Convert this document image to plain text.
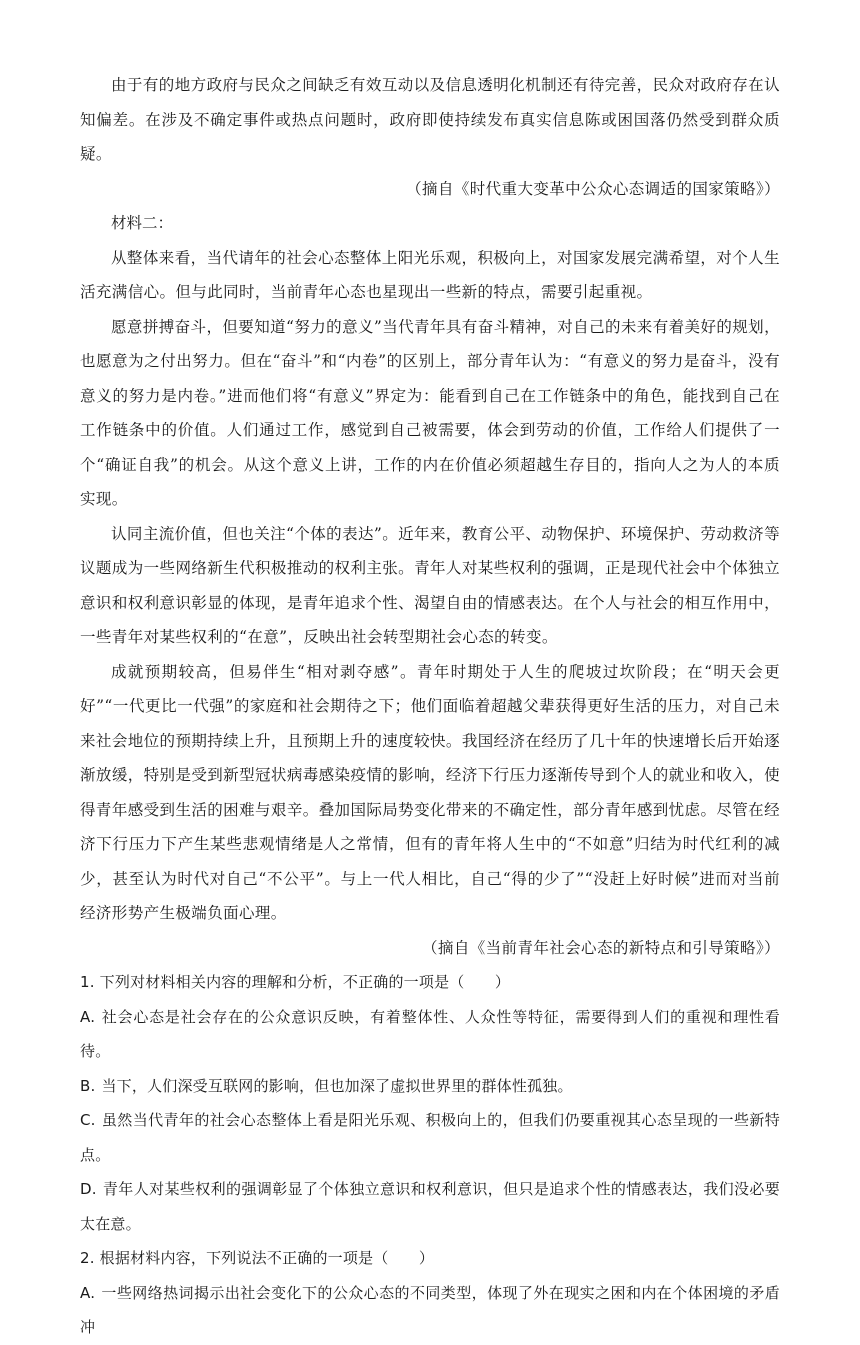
由于有的地方政府与民众之间缺乏有效互动以及信息透明化机制还有待完善，民众对政府存在认知偏差。在涉及不确定事件或热点问题时，政府即使持续发布真实信息陈或困国落仍然受到群众质疑。

（摘自《时代重大变革中公众心态调适的国家策略》）

材料二：

从整体来看，当代请年的社会心态整体上阳光乐观，积极向上，对国家发展完满希望，对个人生活充满信心。但与此同时，当前青年心态也星现出一些新的特点，需要引起重视。

愿意拼搏奋斗，但要知道“努力的意义”当代青年具有奋斗精神，对自己的未来有着美好的规划，也愿意为之付出努力。但在“奋斗”和“内卷”的区别上，部分青年认为：“有意义的努力是奋斗，没有意义的努力是内卷。”进而他们将“有意义”界定为：能看到自己在工作链条中的角色，能找到自己在工作链条中的价值。人们通过工作，感觉到自己被需要，体会到劳动的价值，工作给人们提供了一个“确证自我”的机会。从这个意义上讲，工作的内在价值必须超越生存目的，指向人之为人的本质实现。

认同主流价值，但也关注“个体的表达”。近年来，教育公平、动物保护、环境保护、劳动救济等议题成为一些网络新生代积极推动的权利主张。青年人对某些权利的强调，正是现代社会中个体独立意识和权利意识彰显的体现，是青年追求个性、渴望自由的情感表达。在个人与社会的相互作用中，一些青年对某些权利的“在意”，反映出社会转型期社会心态的转变。

成就预期较高，但易伴生“相对剥夺感”。青年时期处于人生的爬坡过坎阶段；在“明天会更好”“一代更比一代强”的家庭和社会期待之下；他们面临着超越父辈获得更好生活的压力，对自己未来社会地位的预期持续上升，且预期上升的速度较快。我国经济在经历了几十年的快速增长后开始逐渐放缓，特别是受到新型冠状病毒感染疫情的影响，经济下行压力逐渐传导到个人的就业和收入，使得青年感受到生活的困难与艰辛。叠加国际局势变化带来的不确定性，部分青年感到忧虑。尽管在经济下行压力下产生某些悲观情绪是人之常情，但有的青年将人生中的“不如意”归结为时代红利的减少，甚至认为时代对自己“不公平”。与上一代人相比，自己“得的少了”“没赶上好时候”进而对当前经济形势产生极端负面心理。

（摘自《当前青年社会心态的新特点和引导策略》）

1. 下列对材料相关内容的理解和分析，不正确的一项是（　　）

A. 社会心态是社会存在的公众意识反映，有着整体性、人众性等特征，需要得到人们的重视和理性看待。

B. 当下，人们深受互联网的影响，但也加深了虚拟世界里的群体性孤独。

C. 虽然当代青年的社会心态整体上看是阳光乐观、积极向上的，但我们仍要重视其心态呈现的一些新特点。

D. 青年人对某些权利的强调彰显了个体独立意识和权利意识，但只是追求个性的情感表达，我们没必要太在意。

2. 根据材料内容，下列说法不正确的一项是（　　）

A. 一些网络热词揭示出社会变化下的公众心态的不同类型，体现了外在现实之困和内在个体困境的矛盾冲
